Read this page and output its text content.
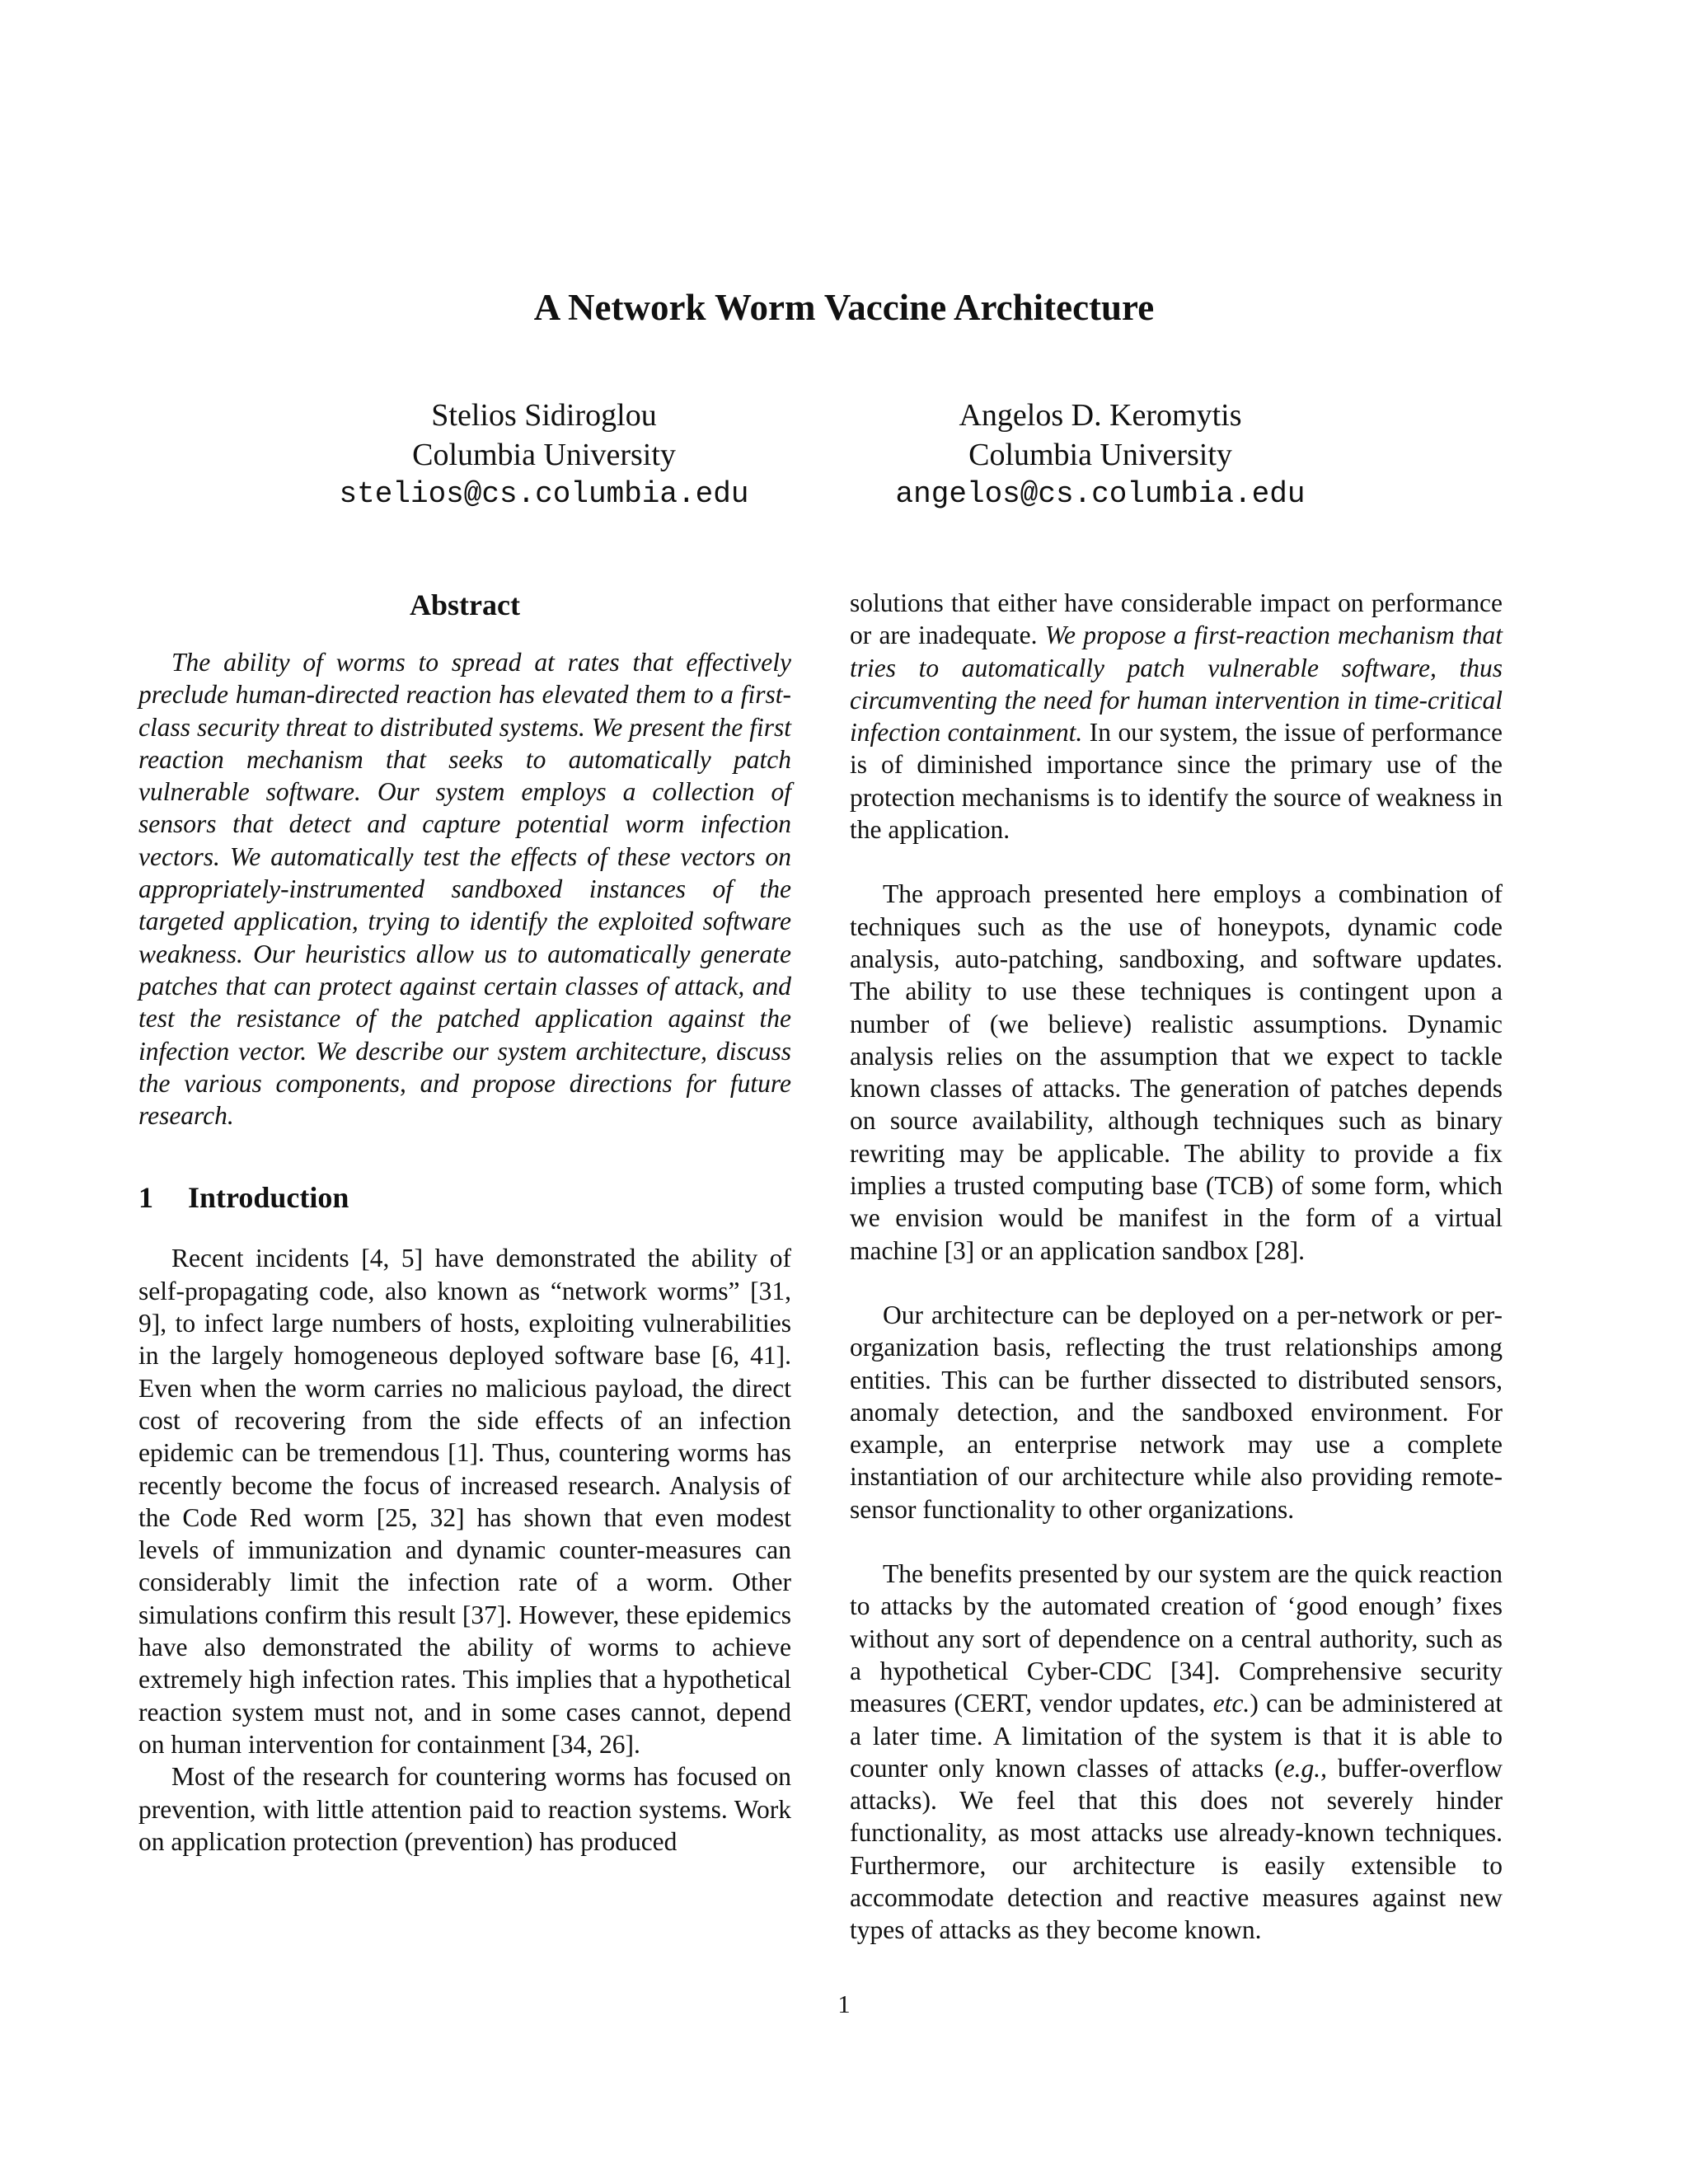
A Network Worm Vaccine Architecture
Stelios Sidiroglou
Columbia University
stelios@cs.columbia.edu
Angelos D. Keromytis
Columbia University
angelos@cs.columbia.edu
Abstract

The ability of worms to spread at rates that effectively preclude human-directed reaction has elevated them to a first-class security threat to distributed systems. We present the first reaction mechanism that seeks to automatically patch vulnerable software. Our system employs a collection of sensors that detect and capture potential worm infection vectors. We automatically test the effects of these vectors on appropriately-instrumented sandboxed instances of the targeted application, trying to identify the exploited software weakness. Our heuristics allow us to automatically generate patches that can protect against certain classes of attack, and test the resistance of the patched application against the infection vector. We describe our system architecture, discuss the various components, and propose directions for future research.

1	Introduction

Recent incidents [4, 5] have demonstrated the ability of self-propagating code, also known as “network worms” [31, 9], to infect large numbers of hosts, exploiting vulnerabilities in the largely homogeneous deployed software base [6, 41]. Even when the worm carries no malicious payload, the direct cost of recovering from the side effects of an infection epidemic can be tremendous [1]. Thus, countering worms has recently become the focus of increased research. Analysis of the Code Red worm [25, 32] has shown that even modest levels of immunization and dynamic counter-measures can considerably limit the infection rate of a worm. Other simulations confirm this result [37]. However, these epidemics have also demonstrated the ability of worms to achieve extremely high infection rates. This implies that a hypothetical reaction system must not, and in some cases cannot, depend on human intervention for containment [34, 26].

Most of the research for countering worms has focused on prevention, with little attention paid to reaction systems. Work on application protection (prevention) has produced

solutions that either have considerable impact on performance or are inadequate. We propose a first-reaction mechanism that tries to automatically patch vulnerable software, thus circumventing the need for human intervention in time-critical infection containment. In our system, the issue of performance is of diminished importance since the primary use of the protection mechanisms is to identify the source of weakness in the application.

The approach presented here employs a combination of techniques such as the use of honeypots, dynamic code analysis, auto-patching, sandboxing, and software updates. The ability to use these techniques is contingent upon a number of (we believe) realistic assumptions. Dynamic analysis relies on the assumption that we expect to tackle known classes of attacks. The generation of patches depends on source availability, although techniques such as binary rewriting may be applicable. The ability to provide a fix implies a trusted computing base (TCB) of some form, which we envision would be manifest in the form of a virtual machine [3] or an application sandbox [28].

Our architecture can be deployed on a per-network or per-organization basis, reflecting the trust relationships among entities. This can be further dissected to distributed sensors, anomaly detection, and the sandboxed environment. For example, an enterprise network may use a complete instantiation of our architecture while also providing remote-sensor functionality to other organizations.

The benefits presented by our system are the quick reaction to attacks by the automated creation of ‘good enough’ fixes without any sort of dependence on a central authority, such as a hypothetical Cyber-CDC [34]. Comprehensive security measures (CERT, vendor updates, etc.) can be administered at a later time. A limitation of the system is that it is able to counter only known classes of attacks (e.g., buffer-overflow attacks). We feel that this does not severely hinder functionality, as most attacks use already-known techniques. Furthermore, our architecture is easily extensible to accommodate detection and reactive measures against new types of attacks as they become known.

1
